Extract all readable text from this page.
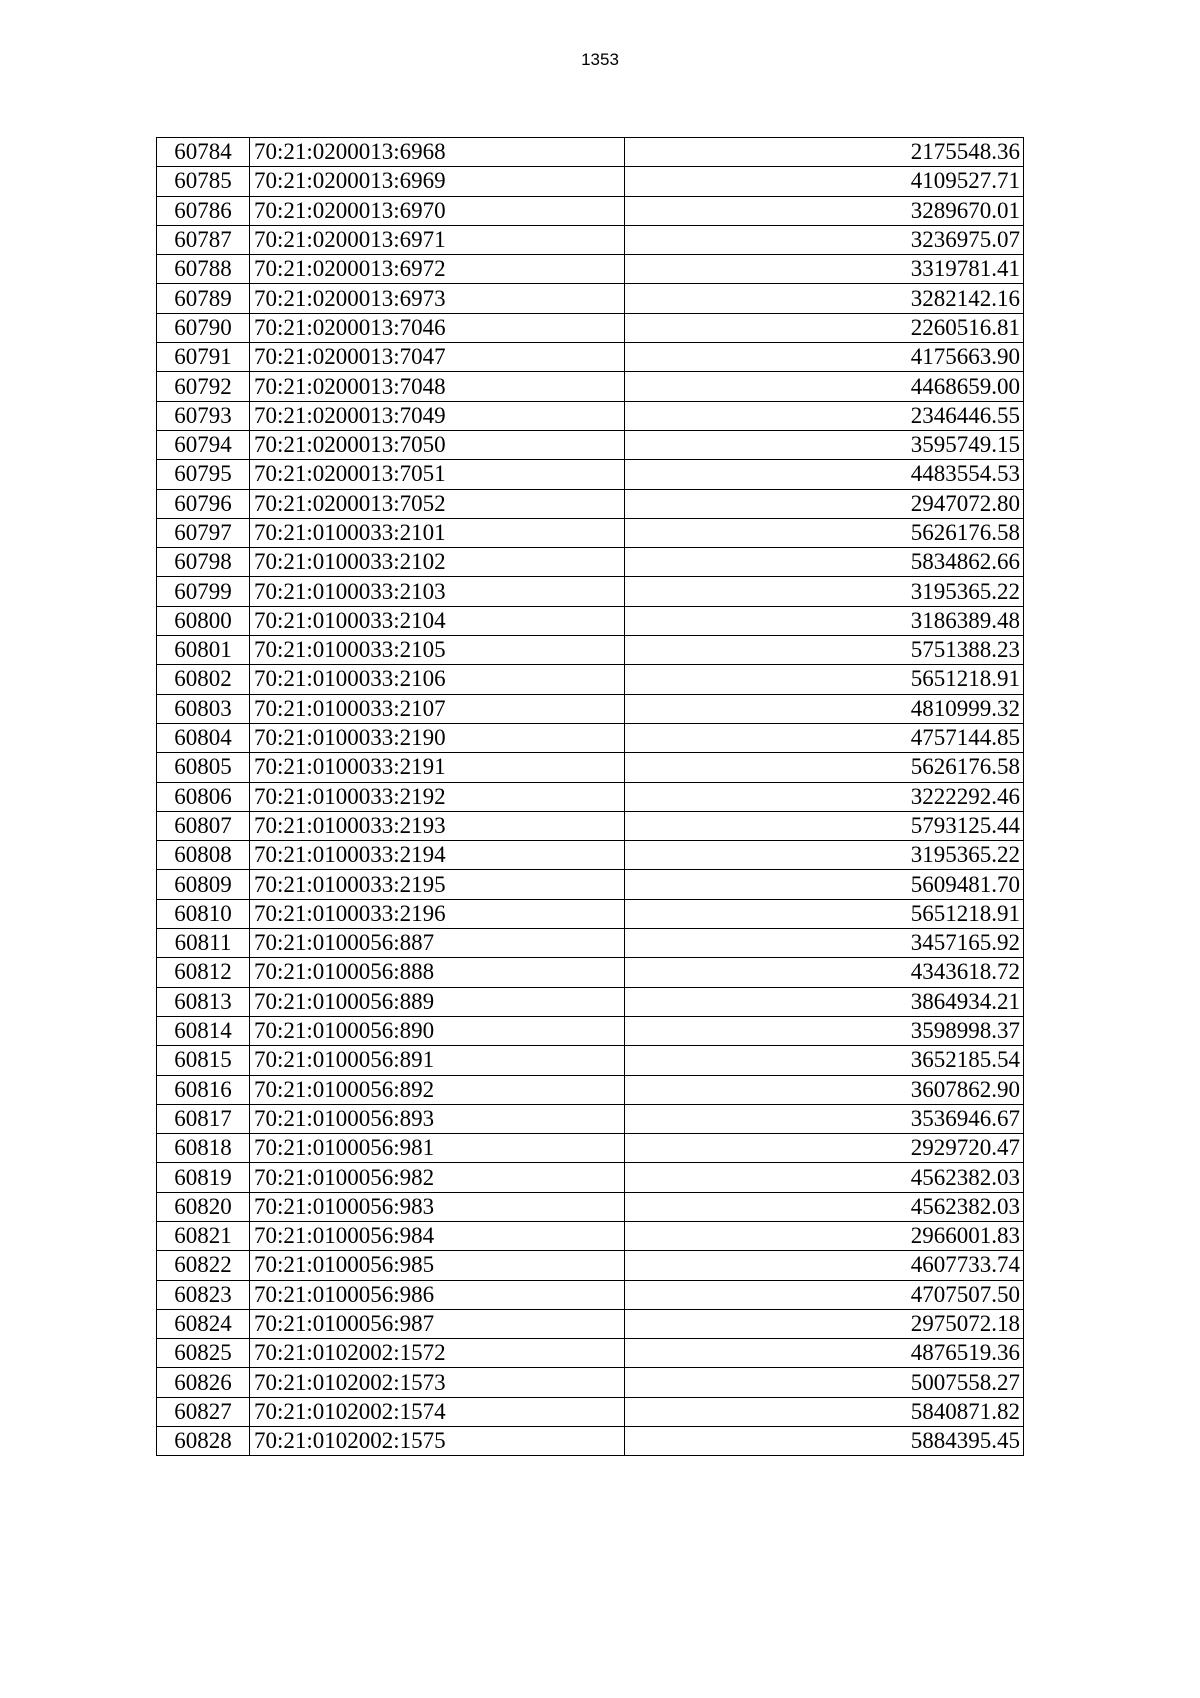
1353
60784	70:21:0200013:6968	2175548.36
60785	70:21:0200013:6969	4109527.71
60786	70:21:0200013:6970	3289670.01
60787	70:21:0200013:6971	3236975.07
60788	70:21:0200013:6972	3319781.41
60789	70:21:0200013:6973	3282142.16
60790	70:21:0200013:7046	2260516.81
60791	70:21:0200013:7047	4175663.90
60792	70:21:0200013:7048	4468659.00
60793	70:21:0200013:7049	2346446.55
60794	70:21:0200013:7050	3595749.15
60795	70:21:0200013:7051	4483554.53
60796	70:21:0200013:7052	2947072.80
60797	70:21:0100033:2101	5626176.58
60798	70:21:0100033:2102	5834862.66
60799	70:21:0100033:2103	3195365.22
60800	70:21:0100033:2104	3186389.48
60801	70:21:0100033:2105	5751388.23
60802	70:21:0100033:2106	5651218.91
60803	70:21:0100033:2107	4810999.32
60804	70:21:0100033:2190	4757144.85
60805	70:21:0100033:2191	5626176.58
60806	70:21:0100033:2192	3222292.46
60807	70:21:0100033:2193	5793125.44
60808	70:21:0100033:2194	3195365.22
60809	70:21:0100033:2195	5609481.70
60810	70:21:0100033:2196	5651218.91
60811	70:21:0100056:887	3457165.92
60812	70:21:0100056:888	4343618.72
60813	70:21:0100056:889	3864934.21
60814	70:21:0100056:890	3598998.37
60815	70:21:0100056:891	3652185.54
60816	70:21:0100056:892	3607862.90
60817	70:21:0100056:893	3536946.67
60818	70:21:0100056:981	2929720.47
60819	70:21:0100056:982	4562382.03
60820	70:21:0100056:983	4562382.03
60821	70:21:0100056:984	2966001.83
60822	70:21:0100056:985	4607733.74
60823	70:21:0100056:986	4707507.50
60824	70:21:0100056:987	2975072.18
60825	70:21:0102002:1572	4876519.36
60826	70:21:0102002:1573	5007558.27
60827	70:21:0102002:1574	5840871.82
60828	70:21:0102002:1575	5884395.45
